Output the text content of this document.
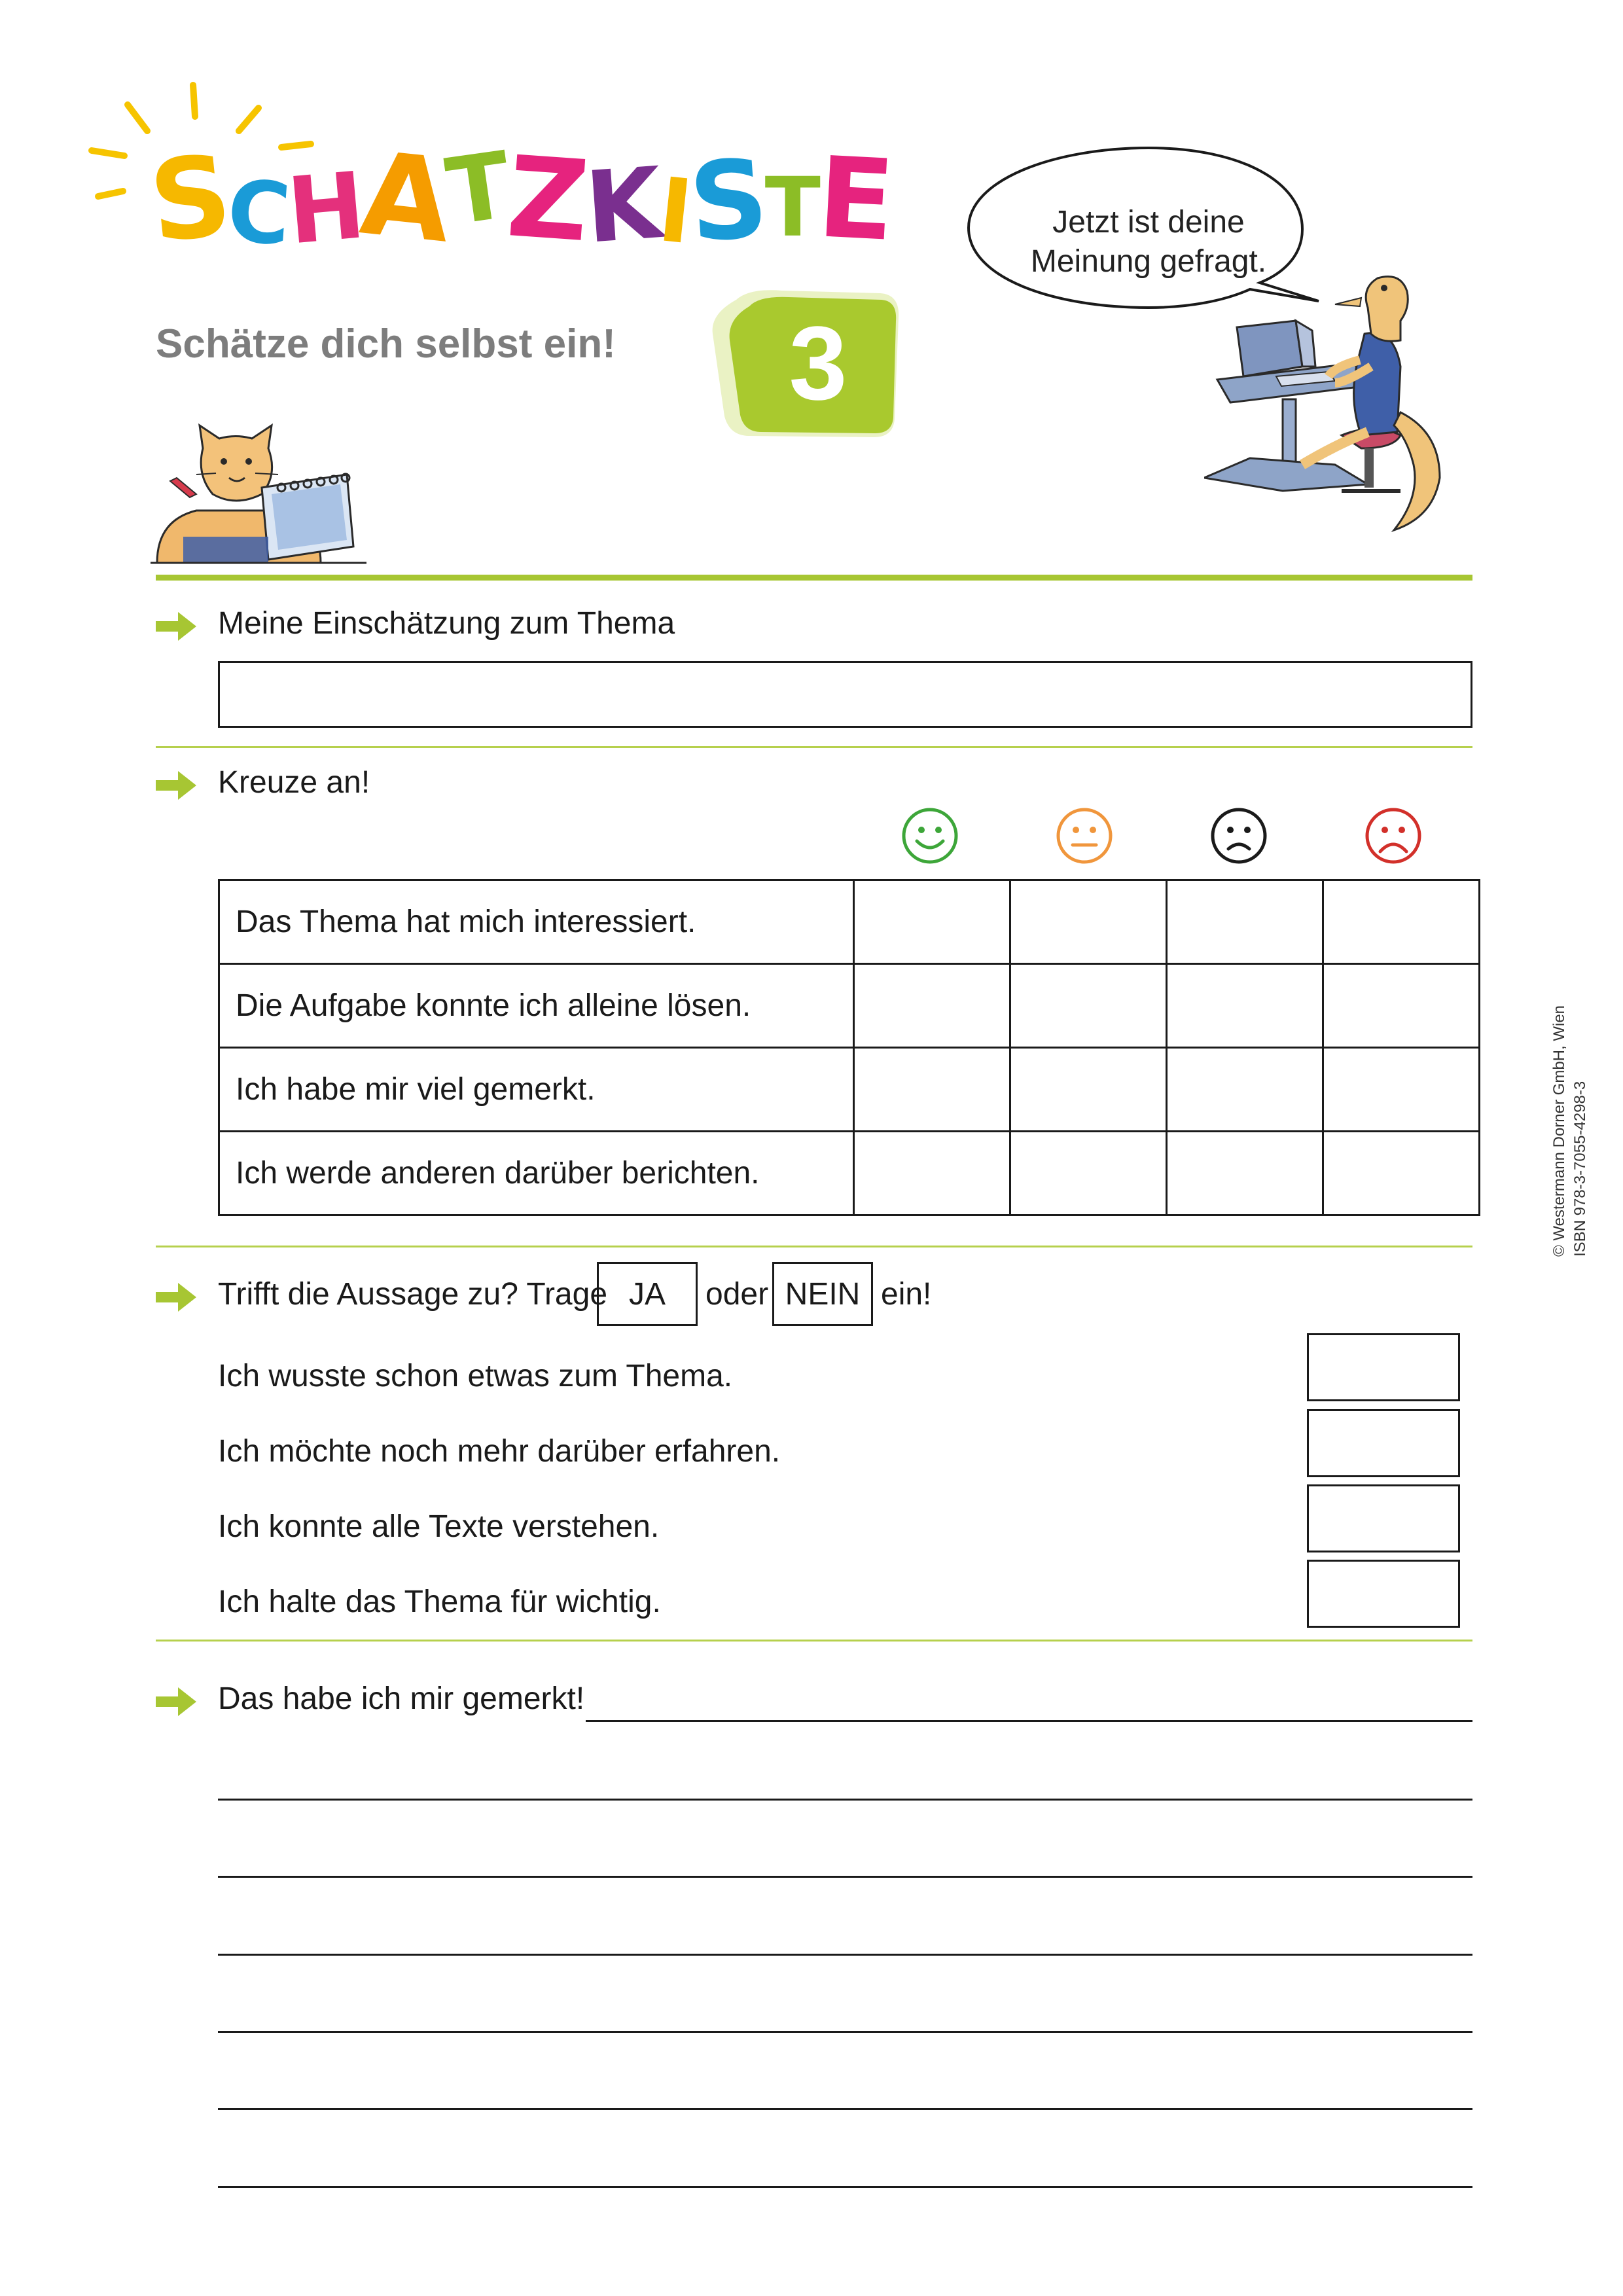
S
C
H
A
T
Z
K
I
S
T
E
Schätze dich selbst ein!	3
Jetzt ist deine
Meinung gefragt.
Meine Einschätzung zum Thema
Kreuze an!
Das Thema hat mich interessiert.				
Die Aufgabe konnte ich alleine lösen.				
Ich habe mir viel gemerkt.				
Ich werde anderen darüber berichten.				
Trifft die Aussage zu? Trage JA	oder NEIN ein!
Ich wusste schon etwas zum Thema.
Ich möchte noch mehr darüber erfahren.
Ich konnte alle Texte verstehen.
Ich halte das Thema für wichtig.
Das habe ich mir gemerkt!
© Westermann Dorner GmbH, Wien ISBN 978-3-7055-4298-3
